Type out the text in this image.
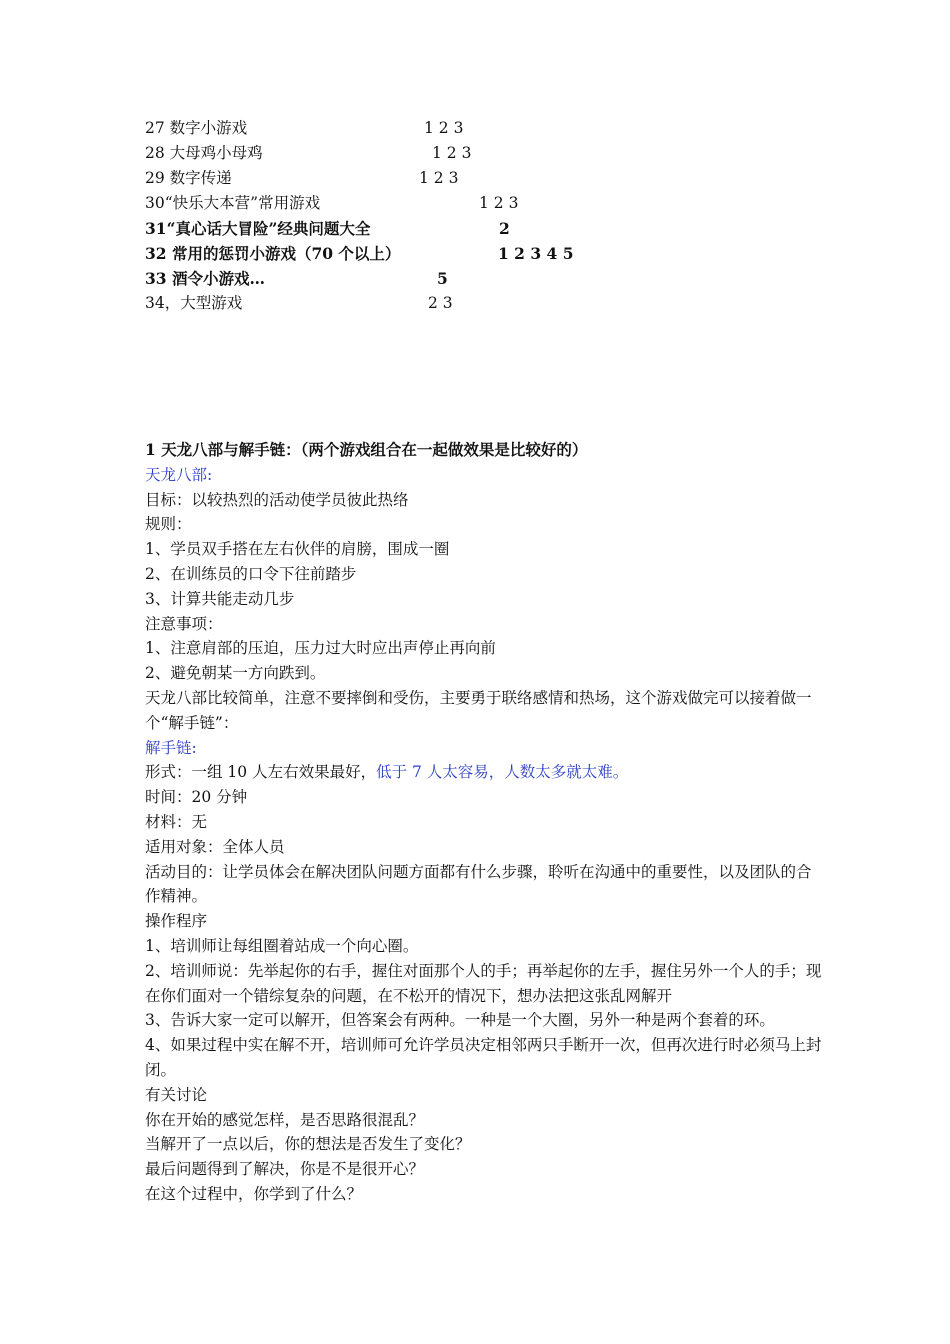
27 数字小游戏	1 2 3
28 大母鸡小母鸡	1 2 3
29 数字传递	1 2 3
30“快乐大本营”常用游戏	1 2 3
31“真心话大冒险”经典问题大全	2
32 常用的惩罚小游戏（70 个以上）	1 2 3 4 5
33 酒令小游戏…	5
34，大型游戏	2 3

1 天龙八部与解手链：（两个游戏组合在一起做效果是比较好的）

天龙八部:

目标：以较热烈的活动使学员彼此热络

规则：

1、学员双手搭在左右伙伴的肩膀，围成一圈

2、在训练员的口令下往前踏步

3、计算共能走动几步

注意事项：

1、注意肩部的压迫，压力过大时应出声停止再向前

2、避免朝某一方向跌到。

天龙八部比较简单，注意不要摔倒和受伤，主要勇于联络感情和热场，这个游戏做完可以接着做一个“解手链”：

解手链:

形式：一组 10 人左右效果最好，低于 7 人太容易，人数太多就太难。

时间：20 分钟

材料：无

适用对象：全体人员

活动目的：让学员体会在解决团队问题方面都有什么步骤，聆听在沟通中的重要性，以及团队的合作精神。

操作程序

1、培训师让每组圈着站成一个向心圈。

2、培训师说：先举起你的右手，握住对面那个人的手；再举起你的左手，握住另外一个人的手；现在你们面对一个错综复杂的问题，在不松开的情况下，想办法把这张乱网解开

3、告诉大家一定可以解开，但答案会有两种。一种是一个大圈，另外一种是两个套着的环。

4、如果过程中实在解不开，培训师可允许学员决定相邻两只手断开一次，但再次进行时必须马上封闭。

有关讨论

你在开始的感觉怎样，是否思路很混乱？

当解开了一点以后，你的想法是否发生了变化？

最后问题得到了解决，你是不是很开心？

在这个过程中，你学到了什么？
